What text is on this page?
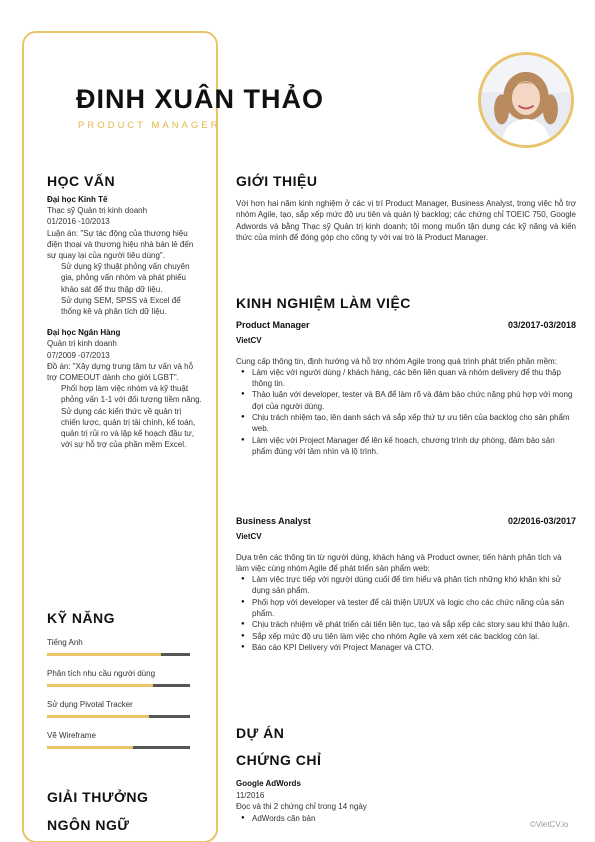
ĐINH XUÂN THẢO
PRODUCT MANAGER
HỌC VẤN

Đại học Kinh Tế

Thạc sỹ Quản trị kinh doanh

01/2016 -10/2013

Luận án: "Sự tác động của thương hiệu điện thoại và thương hiệu nhà bán lẻ đến sự quay lại của người tiêu dùng".

Sử dụng kỹ thuật phỏng vấn chuyên gia, phỏng vấn nhóm và phát phiếu khảo sát để thu thập dữ liệu.
Sử dụng SEM, SPSS và Excel để thống kê và phân tích dữ liệu.

Đại học Ngân Hàng

Quản trị kinh doanh

07/2009 -07/2013

Đồ án: "Xây dựng trung tâm tư vấn và hỗ trợ COMEOUT dành cho giới LGBT".

Phối hợp làm việc nhóm và kỹ thuật phỏng vấn 1-1 với đối tượng tiềm năng.
Sử dụng các kiến thức về quản trị chiến lược, quản trị tài chính, kế toán, quản trị rủi ro và lập kế hoạch đầu tư, với sự hỗ trợ của phần mềm Excel.
KỸ NĂNG
Tiếng Anh
Phân tích nhu cầu người dùng
Sử dụng Pivotal Tracker
Vẽ Wireframe
GIẢI THƯỞNG
NGÔN NGỮ
GIỚI THIỆU

Với hơn hai năm kinh nghiệm ở các vị trí Product Manager, Business Analyst, trong việc hỗ trợ nhóm Agile, tạo, sắp xếp mức độ ưu tiên và quản lý backlog; các chứng chỉ TOEIC 750, Google Adwords và bằng Thạc sỹ Quản trị kinh doanh; tôi mong muốn tận dụng các kỹ năng và kiến thức của mình để đóng góp cho công ty với vai trò là Product Manager.

KINH NGHIỆM LÀM VIỆC
Product Manager	03/2017-03/2018
VietCV

Cung cấp thông tin, định hướng và hỗ trợ nhóm Agile trong quá trình phát triển phần mềm:

● Làm việc với người dùng / khách hàng, các bên liên quan và nhóm delivery để thu thập thông tin.
● Thảo luận với developer, tester và BA để làm rõ và đảm bảo chức năng phù hợp với mong đợi của người dùng.
● Chịu trách nhiệm tạo, lên danh sách và sắp xếp thứ tự ưu tiên của backlog cho sản phẩm web.
● Làm việc với Project Manager để lên kế hoạch, chương trình dự phòng, đảm bảo sản phẩm đúng với tầm nhìn và lộ trình.
Business Analyst	02/2016-03/2017
VietCV

Dựa trên các thông tin từ người dùng, khách hàng và Product owner, tiến hành phân tích và làm việc cùng nhóm Agile để phát triển sản phẩm web:

● Làm việc trực tiếp với người dùng cuối để tìm hiểu và phân tích những khó khăn khi sử dụng sản phẩm.
● Phối hợp với developer và tester để cải thiện UI/UX và logic cho các chức năng của sản phẩm.
● Chịu trách nhiệm về phát triển cải tiến liên tục, tạo và sắp xếp các story sau khi thảo luận.
● Sắp xếp mức độ ưu tiên làm việc cho nhóm Agile và xem xét các backlog còn lại.
● Báo cáo KPI Delivery với Project Manager và CTO.
DỰ ÁN
CHỨNG CHỈ

Google AdWords

11/2016

Đọc và thi 2 chứng chỉ trong 14 ngày

● AdWords căn bản
©VietCV.io
